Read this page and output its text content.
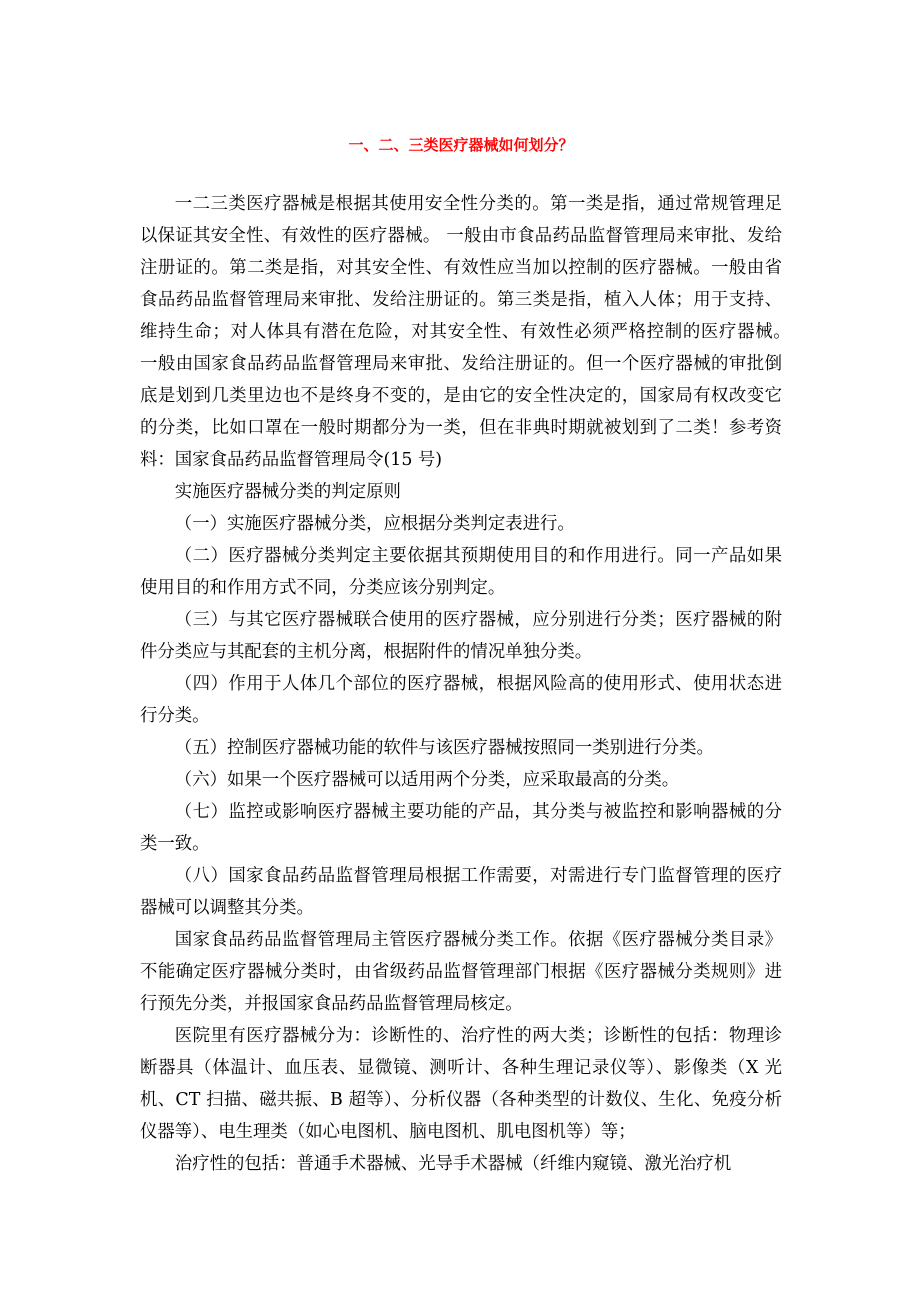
一、二、三类医疗器械如何划分？

一二三类医疗器械是根据其使用安全性分类的。第一类是指，通过常规管理足以保证其安全性、有效性的医疗器械。 一般由市食品药品监督管理局来审批、发给注册证的。第二类是指，对其安全性、有效性应当加以控制的医疗器械。一般由省食品药品监督管理局来审批、发给注册证的。第三类是指，植入人体；用于支持、维持生命；对人体具有潜在危险，对其安全性、有效性必须严格控制的医疗器械。　　一般由国家食品药品监督管理局来审批、发给注册证的。但一个医疗器械的审批倒底是划到几类里边也不是终身不变的，是由它的安全性决定的，国家局有权改变它的分类，比如口罩在一般时期都分为一类，但在非典时期就被划到了二类！参考资料：国家食品药品监督管理局令(15 号)

实施医疗器械分类的判定原则

（一）实施医疗器械分类，应根据分类判定表进行。

（二）医疗器械分类判定主要依据其预期使用目的和作用进行。同一产品如果使用目的和作用方式不同，分类应该分别判定。

（三）与其它医疗器械联合使用的医疗器械，应分别进行分类；医疗器械的附件分类应与其配套的主机分离，根据附件的情况单独分类。

（四）作用于人体几个部位的医疗器械，根据风险高的使用形式、使用状态进行分类。

（五）控制医疗器械功能的软件与该医疗器械按照同一类别进行分类。

（六）如果一个医疗器械可以适用两个分类，应采取最高的分类。

（七）监控或影响医疗器械主要功能的产品，其分类与被监控和影响器械的分类一致。

（八）国家食品药品监督管理局根据工作需要，对需进行专门监督管理的医疗器械可以调整其分类。

国家食品药品监督管理局主管医疗器械分类工作。依据《医疗器械分类目录》不能确定医疗器械分类时，由省级药品监督管理部门根据《医疗器械分类规则》进行预先分类，并报国家食品药品监督管理局核定。

医院里有医疗器械分为：诊断性的、治疗性的两大类；诊断性的包括：物理诊断器具（体温计、血压表、显微镜、测听计、各种生理记录仪等）、影像类（X 光机、CT 扫描、磁共振、B 超等）、分析仪器（各种类型的计数仪、生化、免疫分析仪器等）、电生理类（如心电图机、脑电图机、肌电图机等）等；

治疗性的包括：普通手术器械、光导手术器械（纤维内窥镜、激光治疗机
